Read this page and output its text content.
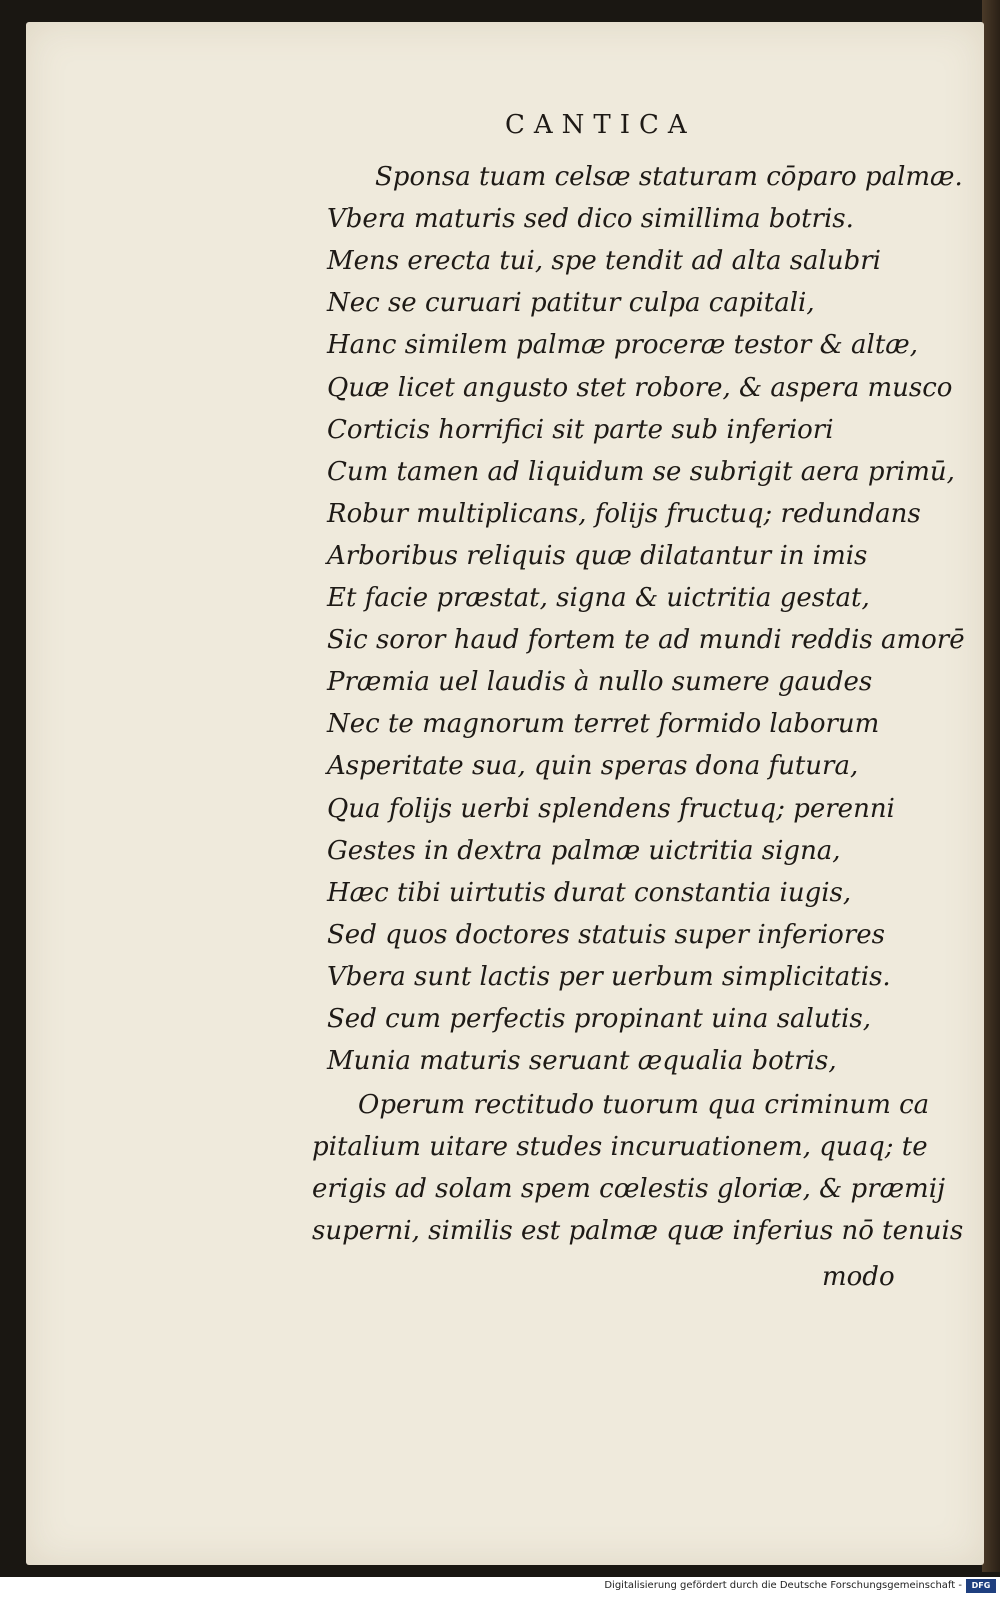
CANTICA
Sponsa tuam celsæ staturam cōparo palmæ.
Vbera maturis sed dico simillima botris.
Mens erecta tui, spe tendit ad alta salubri
Nec se curuari patitur culpa capitali,
Hanc similem palmæ proceræ testor & altæ,
Quæ licet angusto stet robore, & aspera musco
Corticis horrifici sit parte sub inferiori
Cum tamen ad liquidum se subrigit aera primū,
Robur multiplicans, folijs fructuq; redundans
Arboribus reliquis quæ dilatantur in imis
Et facie præstat, signa & uictritia gestat,
Sic soror haud fortem te ad mundi reddis amorē
Præmia uel laudis à nullo sumere gaudes
Nec te magnorum terret formido laborum
Asperitate sua, quin speras dona futura,
Qua folijs uerbi splendens fructuq; perenni
Gestes in dextra palmæ uictritia signa,
Hæc tibi uirtutis durat constantia iugis,
Sed quos doctores statuis super inferiores
Vbera sunt lactis per uerbum simplicitatis.
Sed cum perfectis propinant uina salutis,
Munia maturis seruant æqualia botris,
Operum rectitudo tuorum qua criminum ca
pitalium uitare studes incuruationem, quaq; te
erigis ad solam spem cœlestis gloriæ, & præmij
superni, similis est palmæ quæ inferius nō tenuis
modo
Digitalisierung gefördert durch die Deutsche Forschungsgemeinschaft -	DFG
